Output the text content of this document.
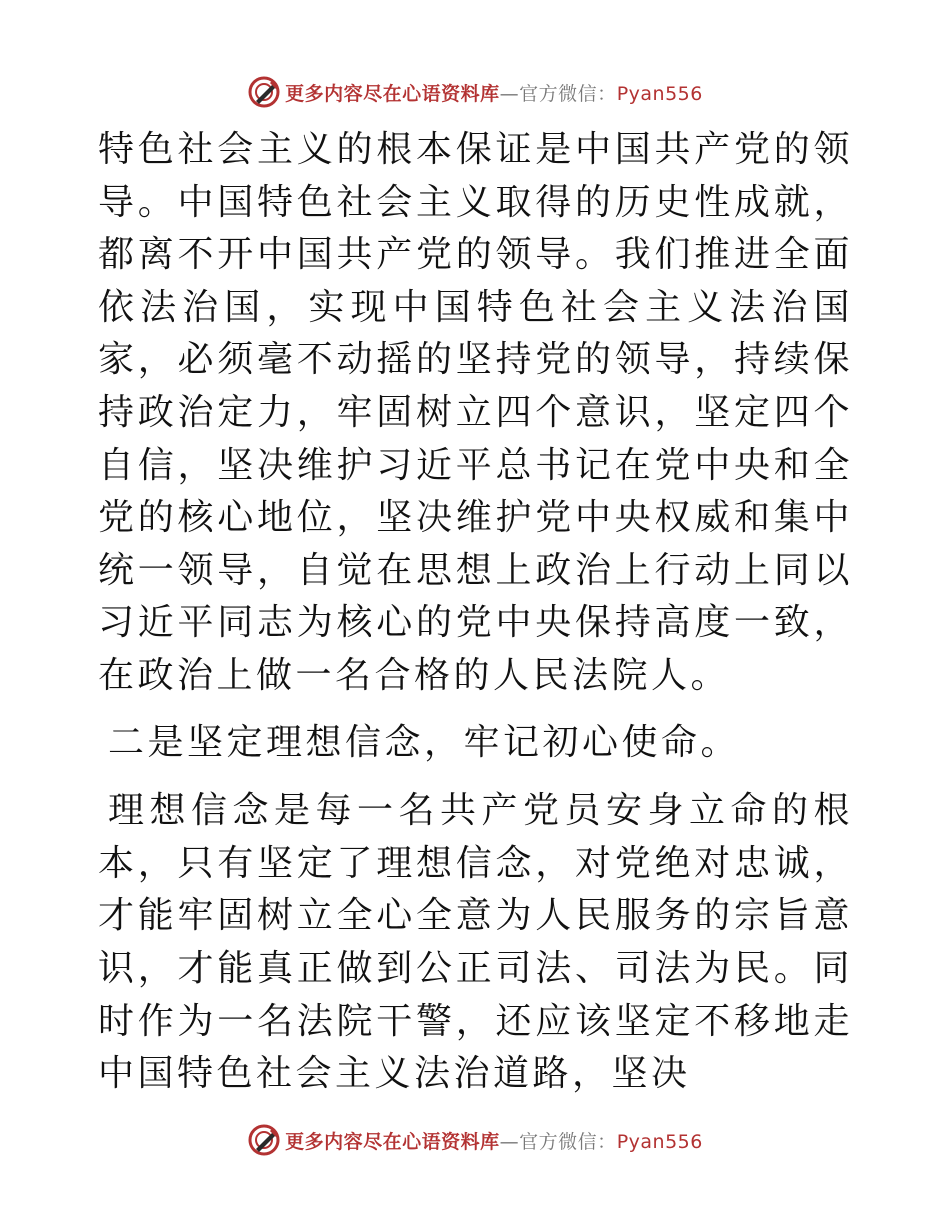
更多内容尽在心语资料库—官方微信：Pyan556

特色社会主义的根本保证是中国共产党的领导。中国特色社会主义取得的历史性成就，都离不开中国共产党的领导。我们推进全面依法治国，实现中国特色社会主义法治国家，必须毫不动摇的坚持党的领导，持续保持政治定力，牢固树立四个意识，坚定四个自信，坚决维护习近平总书记在党中央和全党的核心地位，坚决维护党中央权威和集中统一领导，自觉在思想上政治上行动上同以习近平同志为核心的党中央保持高度一致，在政治上做一名合格的人民法院人。

二是坚定理想信念，牢记初心使命。

理想信念是每一名共产党员安身立命的根本，只有坚定了理想信念，对党绝对忠诚，才能牢固树立全心全意为人民服务的宗旨意识，才能真正做到公正司法、司法为民。同时作为一名法院干警，还应该坚定不移地走中国特色社会主义法治道路，坚决

更多内容尽在心语资料库—官方微信：Pyan556
